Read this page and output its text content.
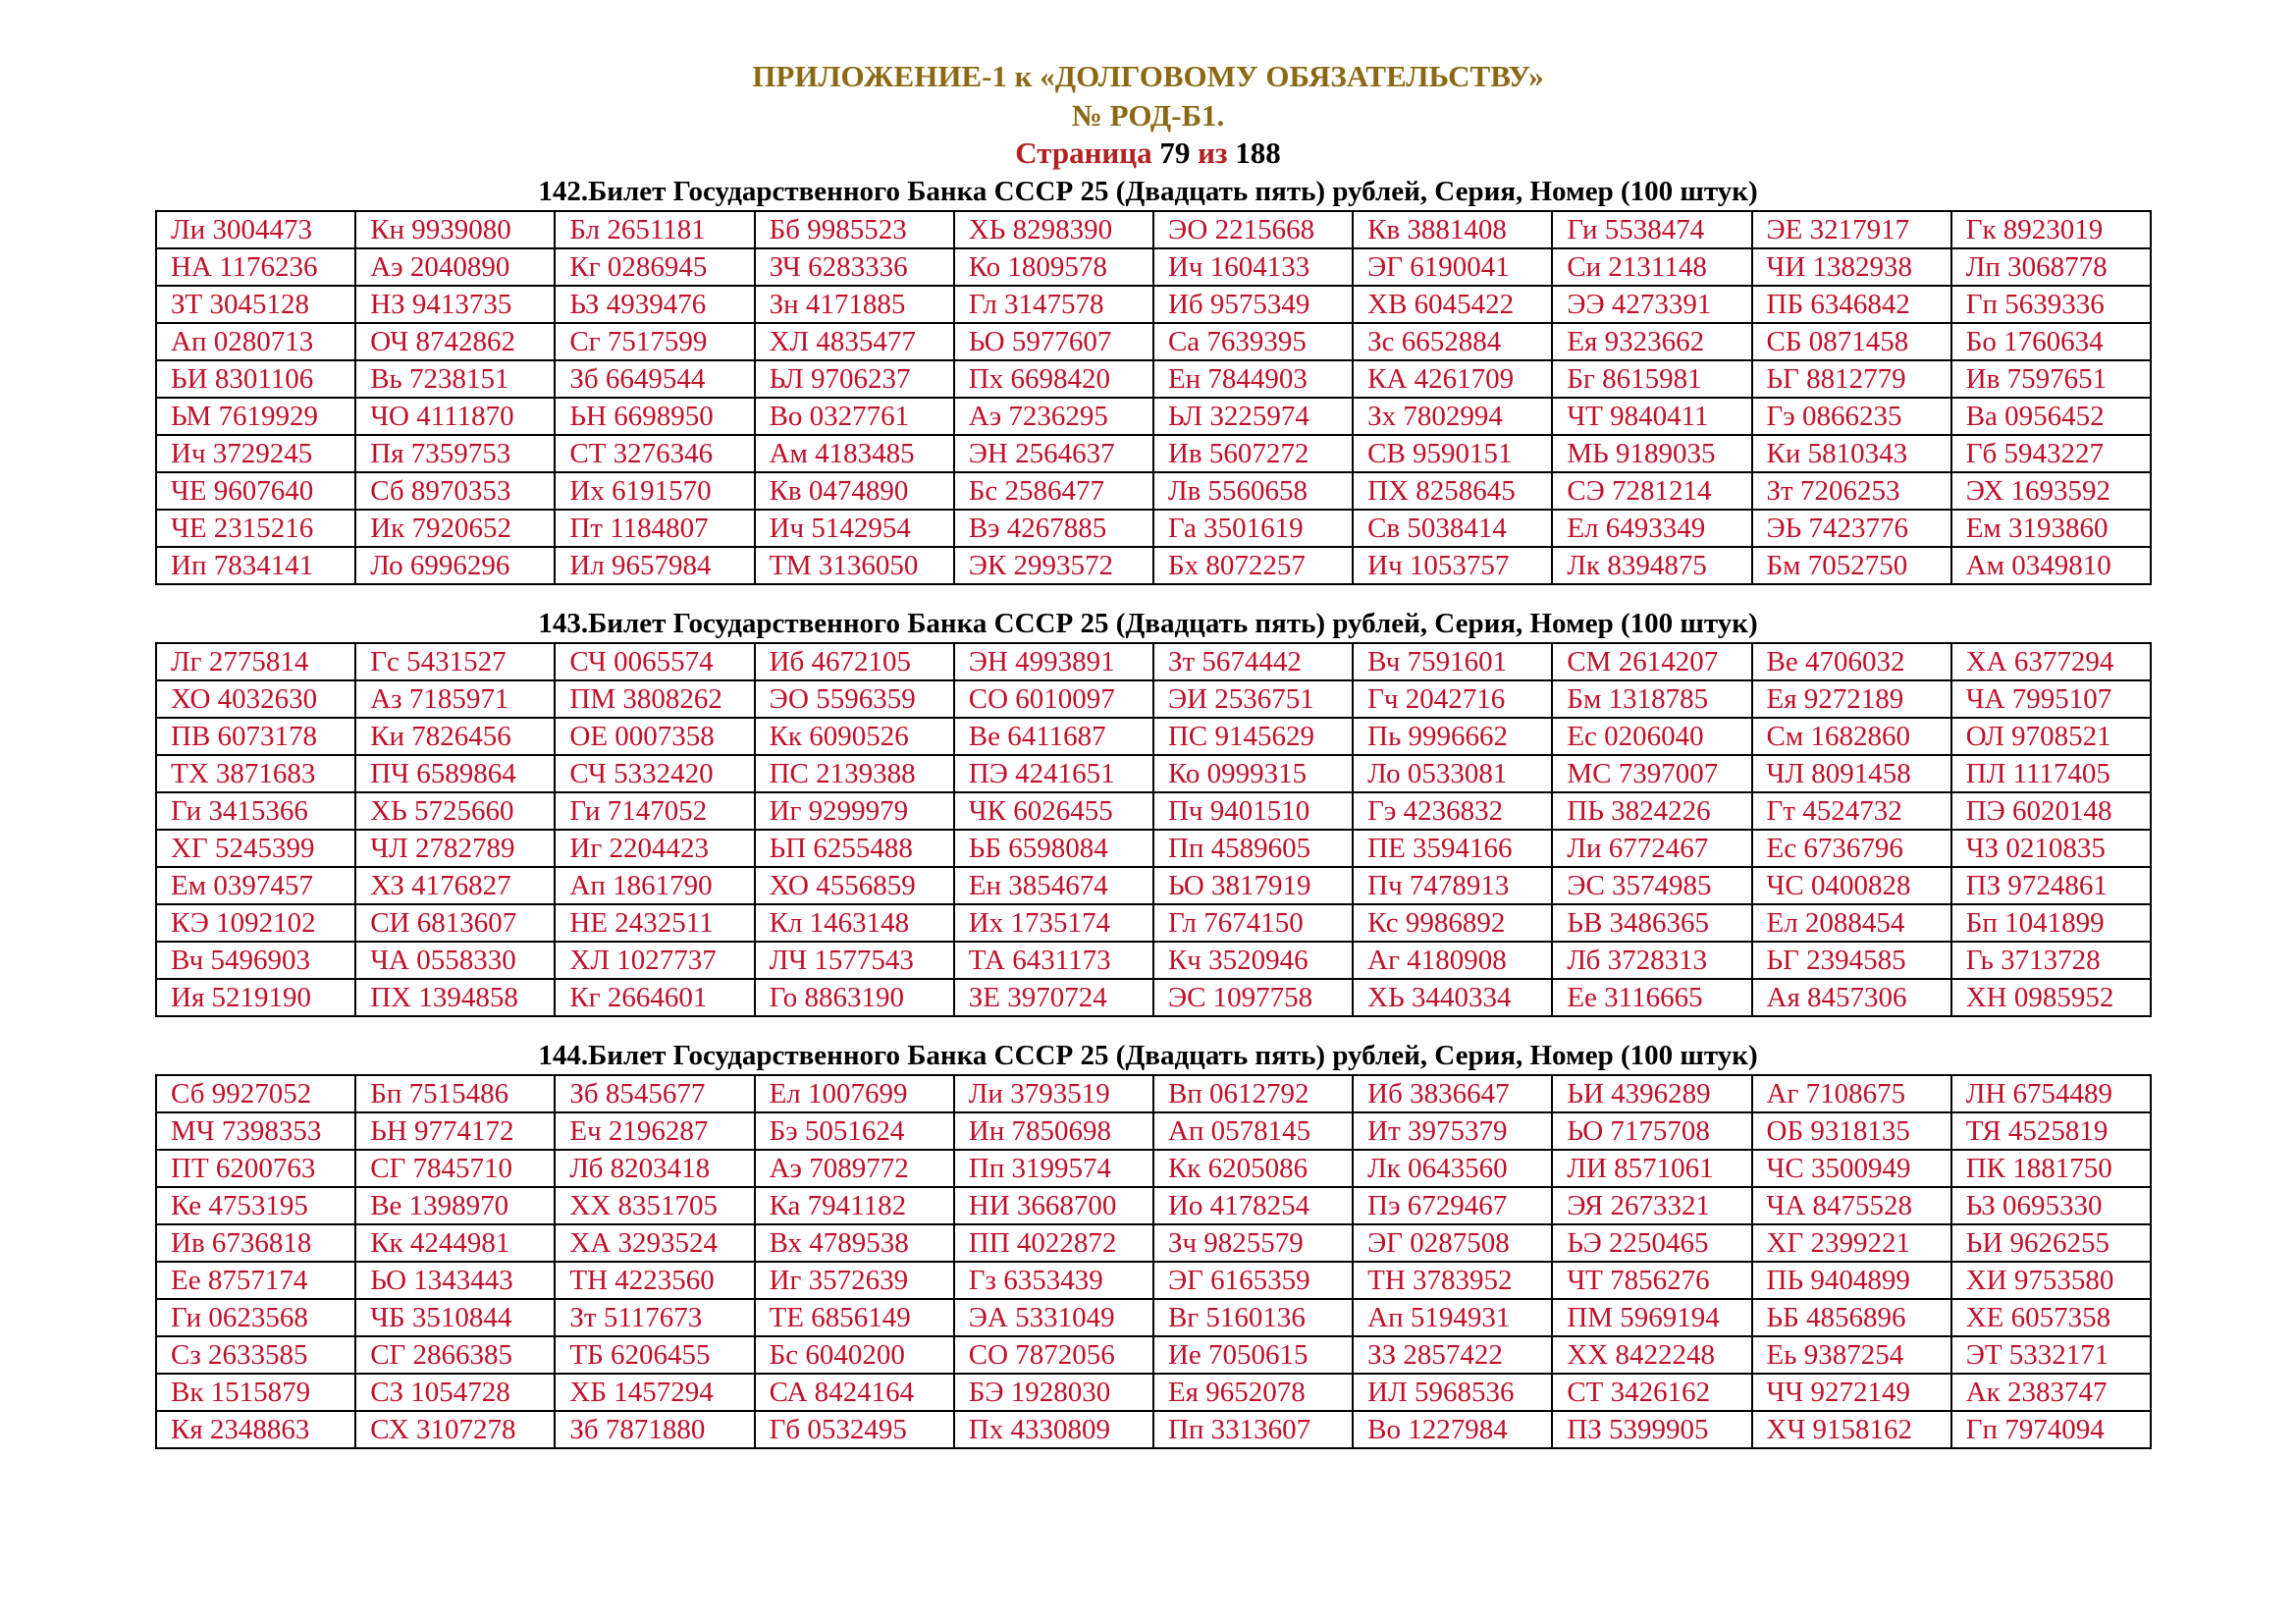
ПРИЛОЖЕНИЕ-1 к «ДОЛГОВОМУ ОБЯЗАТЕЛЬСТВУ»
№ РОД-Б1.
Страница 79 из 188
142.Билет Государственного Банка СССР 25 (Двадцать пять) рублей, Серия, Номер (100 штук)
Ли 3004473	Кн 9939080	Бл 2651181	Бб 9985523	ХЬ 8298390	ЭО 2215668	Кв 3881408	Ги 5538474	ЭЕ 3217917	Гк 8923019
НА 1176236	Аэ 2040890	Кг 0286945	ЗЧ 6283336	Ко 1809578	Ич 1604133	ЭГ 6190041	Си 2131148	ЧИ 1382938	Лп 3068778
ЗТ 3045128	НЗ 9413735	ЬЗ 4939476	Зн 4171885	Гл 3147578	Иб 9575349	ХВ 6045422	ЭЭ 4273391	ПБ 6346842	Гп 5639336
Ап 0280713	ОЧ 8742862	Сг 7517599	ХЛ 4835477	ЬО 5977607	Са 7639395	Зс 6652884	Ея 9323662	СБ 0871458	Бо 1760634
ЬИ 8301106	Вь 7238151	Зб 6649544	ЬЛ 9706237	Пх 6698420	Ен 7844903	КА 4261709	Бг 8615981	ЬГ 8812779	Ив 7597651
ЬМ 7619929	ЧО 4111870	ЬН 6698950	Во 0327761	Аэ 7236295	ЬЛ 3225974	Зх 7802994	ЧТ 9840411	Гэ 0866235	Ва 0956452
Ич 3729245	Пя 7359753	СТ 3276346	Ам 4183485	ЭН 2564637	Ив 5607272	СВ 9590151	МЬ 9189035	Ки 5810343	Гб 5943227
ЧЕ 9607640	Сб 8970353	Их 6191570	Кв 0474890	Бс 2586477	Лв 5560658	ПХ 8258645	СЭ 7281214	Зт 7206253	ЭХ 1693592
ЧЕ 2315216	Ик 7920652	Пт 1184807	Ич 5142954	Вэ 4267885	Га 3501619	Св 5038414	Ел 6493349	ЭЬ 7423776	Ем 3193860
Ип 7834141	Ло 6996296	Ил 9657984	ТМ 3136050	ЭК 2993572	Бх 8072257	Ич 1053757	Лк 8394875	Бм 7052750	Ам 0349810
143.Билет Государственного Банка СССР 25 (Двадцать пять) рублей, Серия, Номер (100 штук)
Лг 2775814	Гс 5431527	СЧ 0065574	Иб 4672105	ЭН 4993891	Зт 5674442	Вч 7591601	СМ 2614207	Ве 4706032	ХА 6377294
ХО 4032630	Аз 7185971	ПМ 3808262	ЭО 5596359	СО 6010097	ЭИ 2536751	Гч 2042716	Бм 1318785	Ея 9272189	ЧА 7995107
ПВ 6073178	Ки 7826456	ОЕ 0007358	Кк 6090526	Ве 6411687	ПС 9145629	Пь 9996662	Ес 0206040	См 1682860	ОЛ 9708521
ТХ 3871683	ПЧ 6589864	СЧ 5332420	ПС 2139388	ПЭ 4241651	Ко 0999315	Ло 0533081	МС 7397007	ЧЛ 8091458	ПЛ 1117405
Ги 3415366	ХЬ 5725660	Ги 7147052	Иг 9299979	ЧК 6026455	Пч 9401510	Гэ 4236832	ПЬ 3824226	Гт 4524732	ПЭ 6020148
ХГ 5245399	ЧЛ 2782789	Иг 2204423	ЬП 6255488	ЬБ 6598084	Пп 4589605	ПЕ 3594166	Ли 6772467	Ес 6736796	ЧЗ 0210835
Ем 0397457	ХЗ 4176827	Ап 1861790	ХО 4556859	Ен 3854674	ЬО 3817919	Пч 7478913	ЭС 3574985	ЧС 0400828	ПЗ 9724861
КЭ 1092102	СИ 6813607	НЕ 2432511	Кл 1463148	Их 1735174	Гл 7674150	Кс 9986892	ЬВ 3486365	Ел 2088454	Бп 1041899
Вч 5496903	ЧА 0558330	ХЛ 1027737	ЛЧ 1577543	ТА 6431173	Кч 3520946	Аг 4180908	Лб 3728313	ЬГ 2394585	Гь 3713728
Ия 5219190	ПХ 1394858	Кг 2664601	Го 8863190	ЗЕ 3970724	ЭС 1097758	ХЬ 3440334	Ее 3116665	Ая 8457306	ХН 0985952
144.Билет Государственного Банка СССР 25 (Двадцать пять) рублей, Серия, Номер (100 штук)
Сб 9927052	Бп 7515486	Зб 8545677	Ел 1007699	Ли 3793519	Вп 0612792	Иб 3836647	ЬИ 4396289	Аг 7108675	ЛН 6754489
МЧ 7398353	ЬН 9774172	Еч 2196287	Бэ 5051624	Ин 7850698	Ап 0578145	Ит 3975379	ЬО 7175708	ОБ 9318135	ТЯ 4525819
ПТ 6200763	СГ 7845710	Лб 8203418	Аэ 7089772	Пп 3199574	Кк 6205086	Лк 0643560	ЛИ 8571061	ЧС 3500949	ПК 1881750
Ке 4753195	Ве 1398970	ХХ 8351705	Ка 7941182	НИ 3668700	Ио 4178254	Пэ 6729467	ЭЯ 2673321	ЧА 8475528	ЬЗ 0695330
Ив 6736818	Кк 4244981	ХА 3293524	Вх 4789538	ПП 4022872	Зч 9825579	ЭГ 0287508	ЬЭ 2250465	ХГ 2399221	ЬИ 9626255
Ее 8757174	ЬО 1343443	ТН 4223560	Иг 3572639	Гз 6353439	ЭГ 6165359	ТН 3783952	ЧТ 7856276	ПЬ 9404899	ХИ 9753580
Ги 0623568	ЧБ 3510844	Зт 5117673	ТЕ 6856149	ЭА 5331049	Вг 5160136	Ап 5194931	ПМ 5969194	ЬБ 4856896	ХЕ 6057358
Сз 2633585	СГ 2866385	ТБ 6206455	Бс 6040200	СО 7872056	Ие 7050615	ЗЗ 2857422	ХХ 8422248	Еь 9387254	ЭТ 5332171
Вк 1515879	СЗ 1054728	ХБ 1457294	СА 8424164	БЭ 1928030	Ея 9652078	ИЛ 5968536	СТ 3426162	ЧЧ 9272149	Ак 2383747
Кя 2348863	СХ 3107278	Зб 7871880	Гб 0532495	Пх 4330809	Пп 3313607	Во 1227984	ПЗ 5399905	ХЧ 9158162	Гп 7974094
